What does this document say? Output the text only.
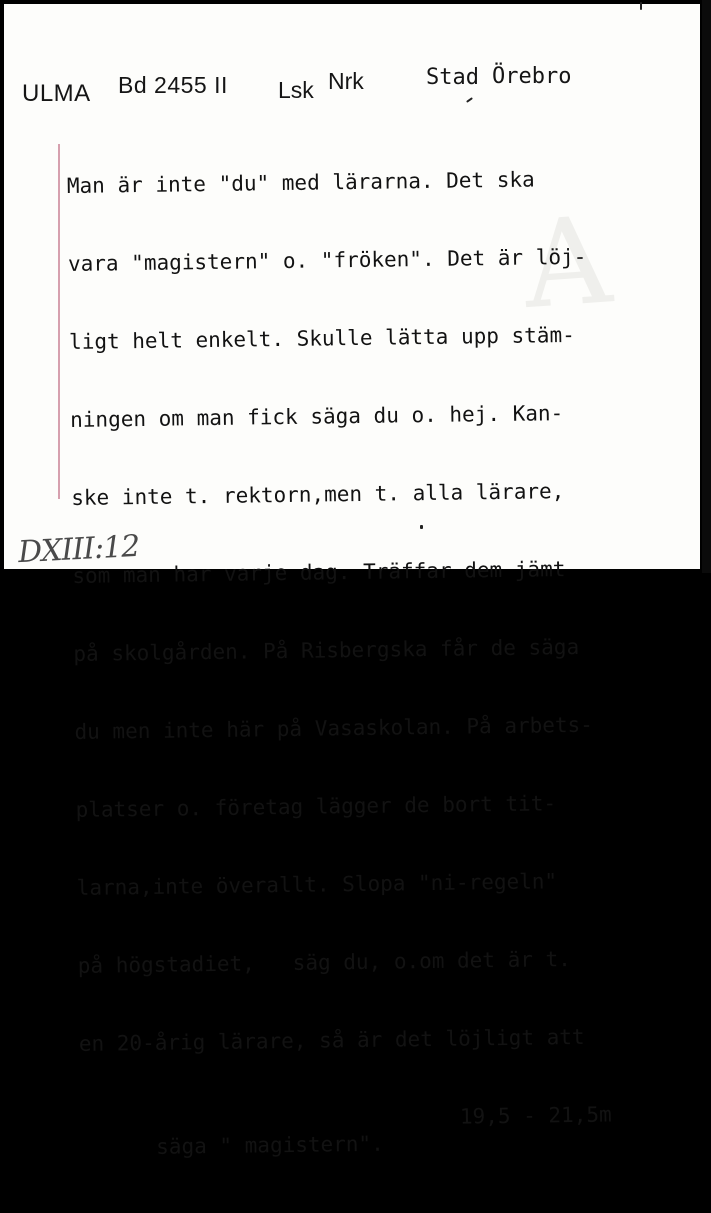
A
ULMA Bd 2455 II Lsk Nrk	Stad Örebro

Man är inte "du" med lärarna. Det ska

vara "magistern" o. "fröken". Det är löj-

ligt helt enkelt. Skulle lätta upp stäm-

ningen om man fick säga du o. hej. Kan-

ske inte t. rektorn,men t. alla lärare,

som man har varje dag. Träffar dem jämt

på skolgården. På Risbergska får de säga

du men inte här på Vasaskolan. På arbets-

platser o. företag lägger de bort tit-

larna,inte överallt. Slopa "ni-regeln"

på högstadiet,   säg du, o.om det är t.

en 20-årig lärare, så är det löjligt att

säga " magistern".

19,5 - 21,5m

DXIII:12
